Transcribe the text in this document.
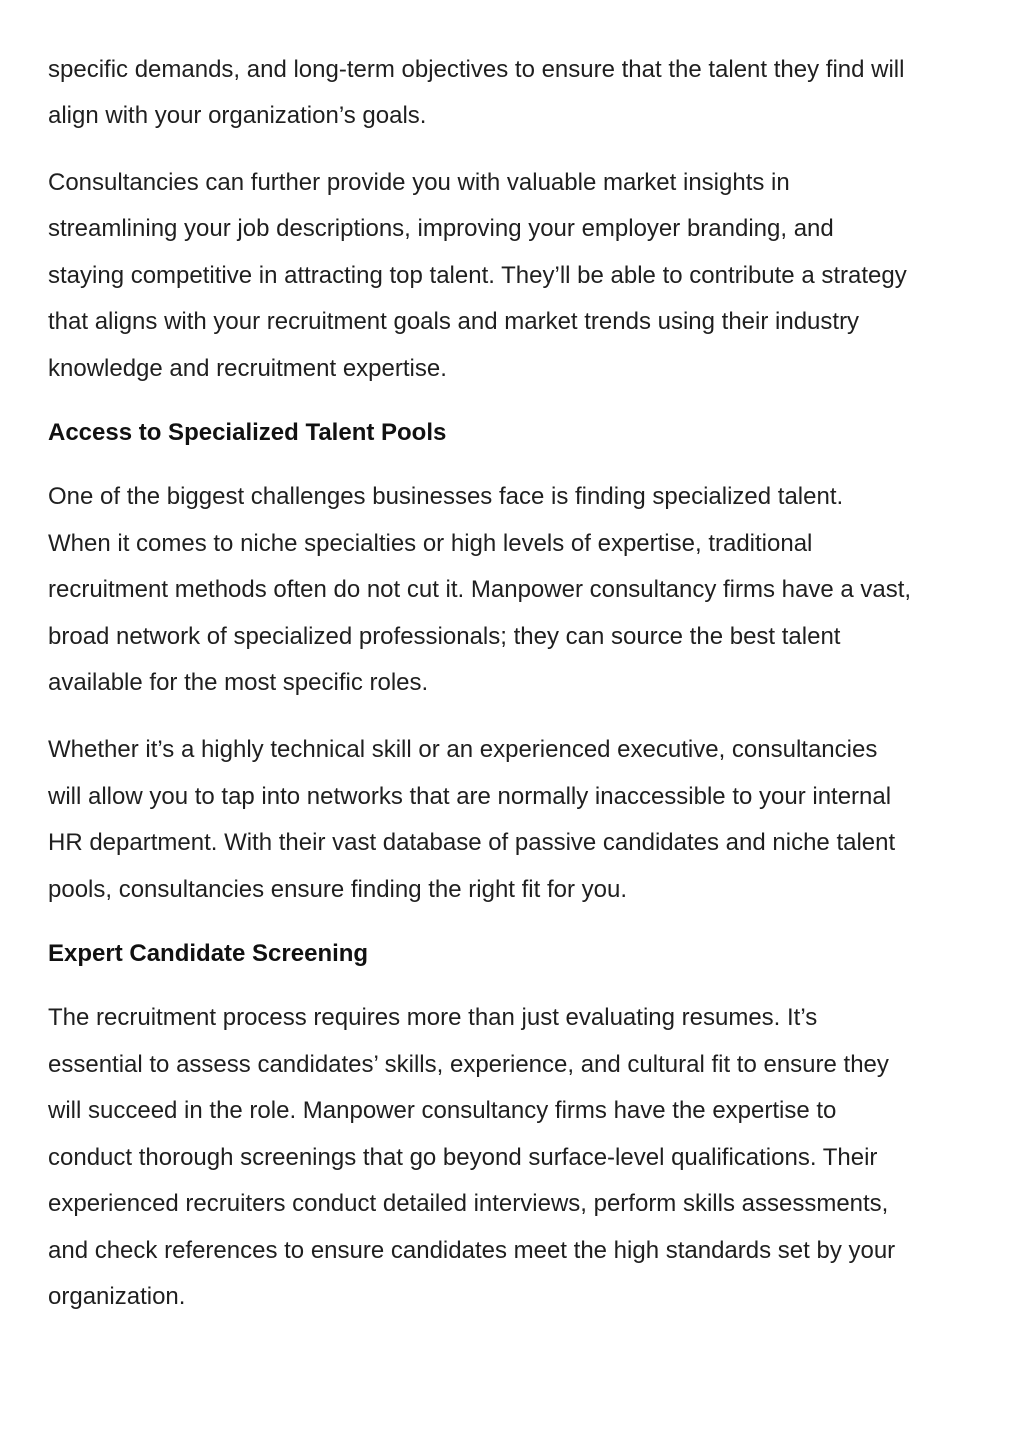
specific demands, and long-term objectives to ensure that the talent they find will
align with your organization’s goals.
Consultancies can further provide you with valuable market insights in
streamlining your job descriptions, improving your employer branding, and
staying competitive in attracting top talent. They’ll be able to contribute a strategy
that aligns with your recruitment goals and market trends using their industry
knowledge and recruitment expertise.
Access to Specialized Talent Pools
One of the biggest challenges businesses face is finding specialized talent.
When it comes to niche specialties or high levels of expertise, traditional
recruitment methods often do not cut it. Manpower consultancy firms have a vast,
broad network of specialized professionals; they can source the best talent
available for the most specific roles.
Whether it’s a highly technical skill or an experienced executive, consultancies
will allow you to tap into networks that are normally inaccessible to your internal
HR department. With their vast database of passive candidates and niche talent
pools, consultancies ensure finding the right fit for you.
Expert Candidate Screening
The recruitment process requires more than just evaluating resumes. It’s
essential to assess candidates’ skills, experience, and cultural fit to ensure they
will succeed in the role. Manpower consultancy firms have the expertise to
conduct thorough screenings that go beyond surface-level qualifications. Their
experienced recruiters conduct detailed interviews, perform skills assessments,
and check references to ensure candidates meet the high standards set by your
organization.
